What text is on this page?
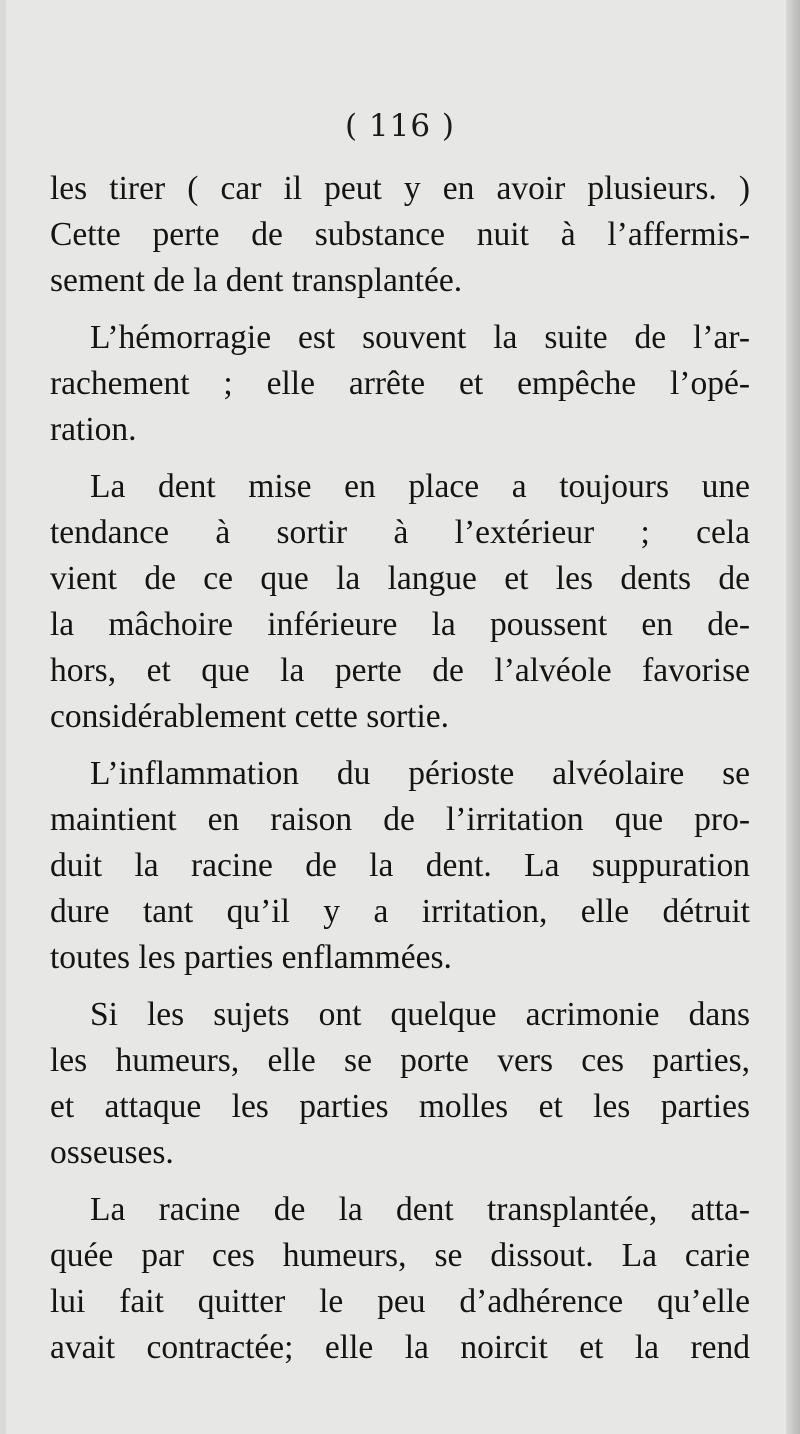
( 116 )
les tirer ( car il peut y en avoir plusieurs. )
Cette perte de substance nuit à l’affermis-
sement de la dent transplantée.
L’hémorragie est souvent la suite de l’ar-
rachement ; elle arrête et empêche l’opé-
ration.
La dent mise en place a toujours une
tendance à sortir à l’extérieur ; cela
vient de ce que la langue et les dents de
la mâchoire inférieure la poussent en de-
hors, et que la perte de l’alvéole favorise
considérablement cette sortie.
L’inflammation du périoste alvéolaire se
maintient en raison de l’irritation que pro-
duit la racine de la dent. La suppuration
dure tant qu’il y a irritation, elle détruit
toutes les parties enflammées.
Si les sujets ont quelque acrimonie dans
les humeurs, elle se porte vers ces parties,
et attaque les parties molles et les parties
osseuses.
La racine de la dent transplantée, atta-
quée par ces humeurs, se dissout. La carie
lui fait quitter le peu d’adhérence qu’elle
avait contractée; elle la noircit et la rend
